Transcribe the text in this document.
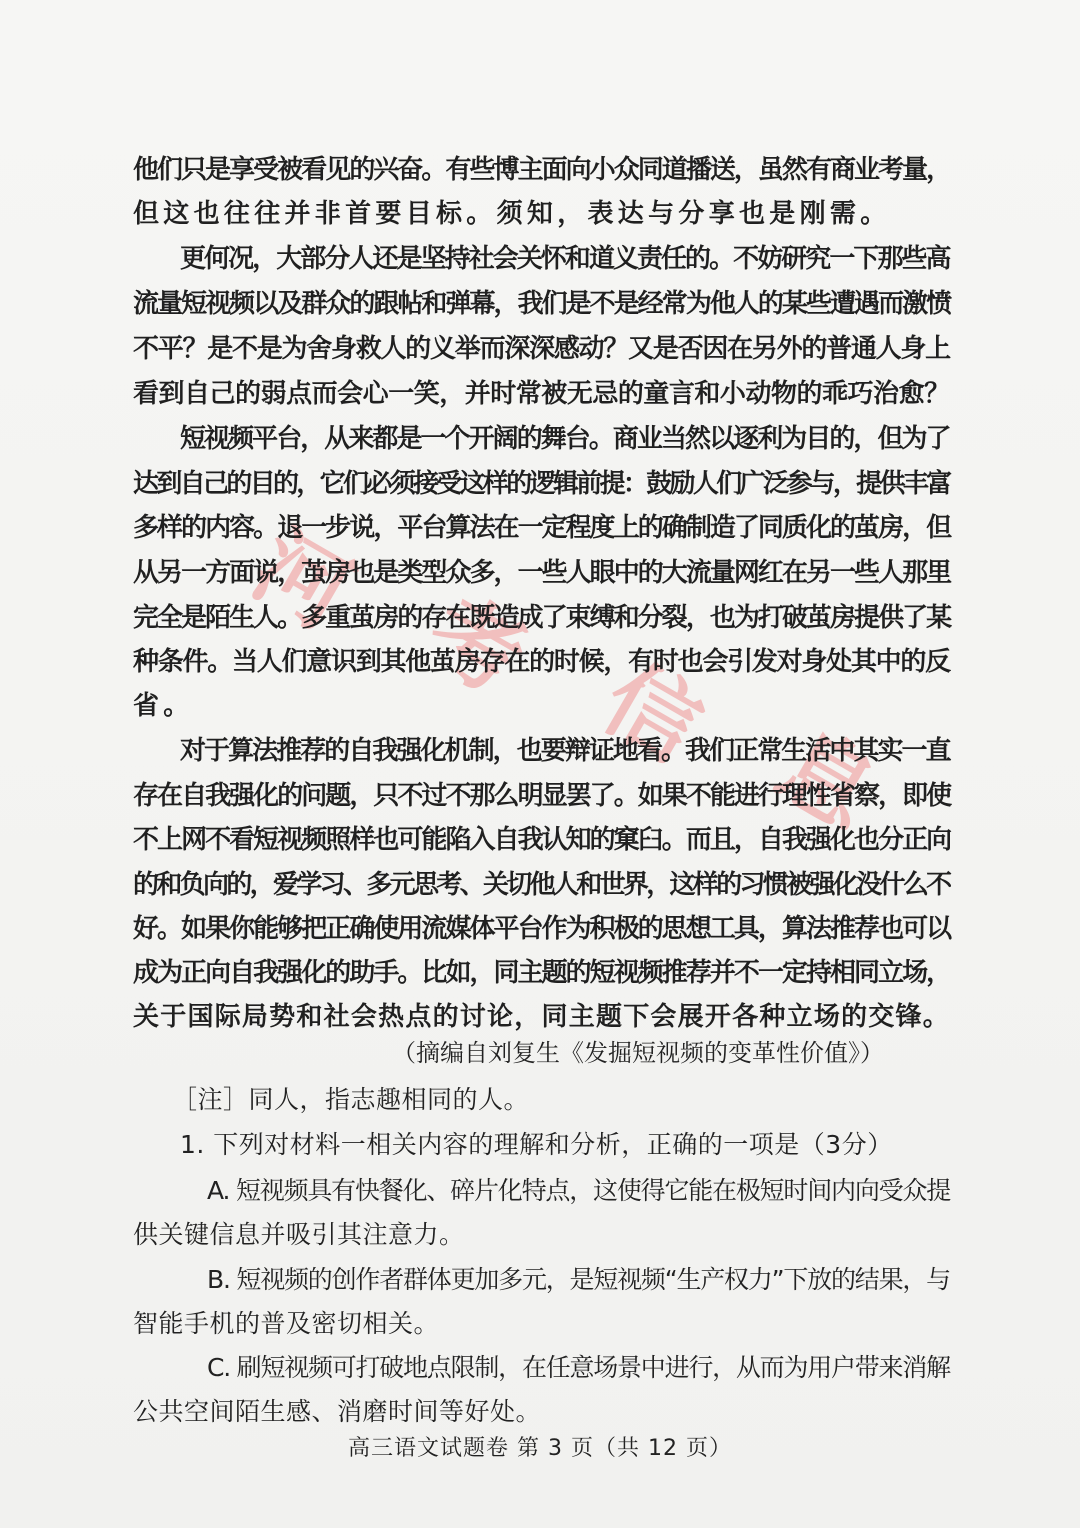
河 考 信 息
他们只是享受被看见的兴奋。有些博主面向小众同道播送，虽然有商业考量，
但这也往往并非首要目标。须知，表达与分享也是刚需。
更何况，大部分人还是坚持社会关怀和道义责任的。不妨研究一下那些高
流量短视频以及群众的跟帖和弹幕，我们是不是经常为他人的某些遭遇而激愤
不平？是不是为舍身救人的义举而深深感动？又是否因在另外的普通人身上
看到自己的弱点而会心一笑，并时常被无忌的童言和小动物的乖巧治愈？
短视频平台，从来都是一个开阔的舞台。商业当然以逐利为目的，但为了
达到自己的目的，它们必须接受这样的逻辑前提：鼓励人们广泛参与，提供丰富
多样的内容。退一步说，平台算法在一定程度上的确制造了同质化的茧房，但
从另一方面说，茧房也是类型众多，一些人眼中的大流量网红在另一些人那里
完全是陌生人。多重茧房的存在既造成了束缚和分裂，也为打破茧房提供了某
种条件。当人们意识到其他茧房存在的时候，有时也会引发对身处其中的反
省。
对于算法推荐的自我强化机制，也要辩证地看。我们正常生活中其实一直
存在自我强化的问题，只不过不那么明显罢了。如果不能进行理性省察，即使
不上网不看短视频照样也可能陷入自我认知的窠臼。而且，自我强化也分正向
的和负向的，爱学习、多元思考、关切他人和世界，这样的习惯被强化没什么不
好。如果你能够把正确使用流媒体平台作为积极的思想工具，算法推荐也可以
成为正向自我强化的助手。比如，同主题的短视频推荐并不一定持相同立场，
关于国际局势和社会热点的讨论，同主题下会展开各种立场的交锋。
（摘编自刘复生《发掘短视频的变革性价值》）
［注］同人，指志趣相同的人。
1. 下列对材料一相关内容的理解和分析，正确的一项是（3分）
A. 短视频具有快餐化、碎片化特点，这使得它能在极短时间内向受众提
供关键信息并吸引其注意力。
B. 短视频的创作者群体更加多元，是短视频“生产权力”下放的结果，与
智能手机的普及密切相关。
C. 刷短视频可打破地点限制，在任意场景中进行，从而为用户带来消解
公共空间陌生感、消磨时间等好处。
高三语文试题卷 第 3 页（共 12 页）
